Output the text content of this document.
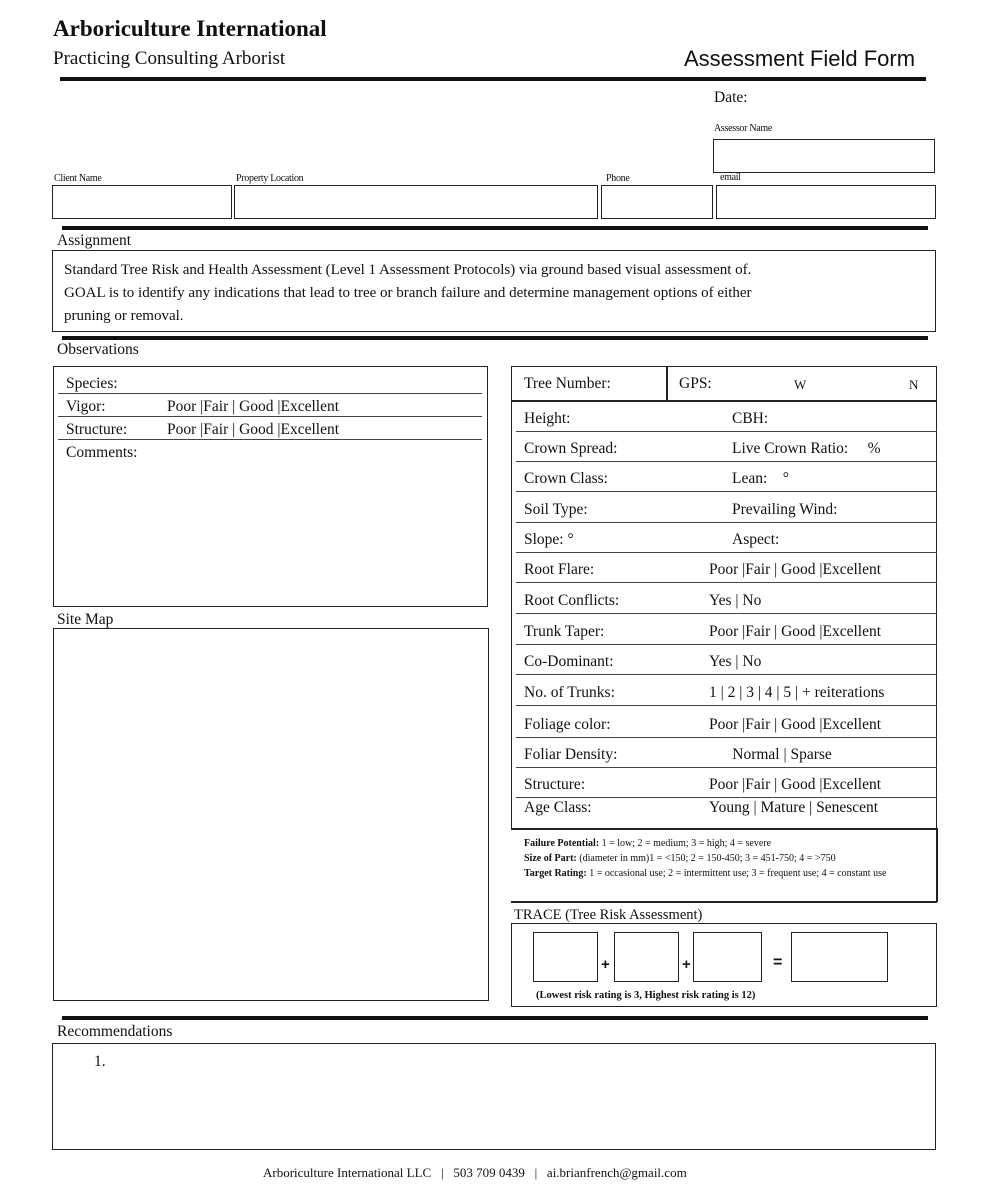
Arboriculture International
Practicing Consulting Arborist	Assessment Field Form
Date:
Assessor Name
Client Name	Property Location	Phone	email
Assignment
Standard Tree Risk and Health Assessment (Level 1 Assessment Protocols) via ground based visual assessment of.
GOAL is to identify any indications that lead to tree or branch failure and determine management options of either
pruning or removal.
Observations
Species:
Vigor:	Poor |Fair | Good |Excellent
Structure:	Poor |Fair | Good |Excellent
Comments:
Site Map
Tree Number:	GPS:	W	N
Height:	CBH:
Crown Spread:	Live Crown Ratio:     %
Crown Class:	Lean:    °
Soil Type:	Prevailing Wind:
Slope: °	Aspect:
Root Flare:	Poor |Fair | Good |Excellent
Root Conflicts:	Yes | No
Trunk Taper:	Poor |Fair | Good |Excellent
Co-Dominant:	Yes | No
No. of Trunks:	1 | 2 | 3 | 4 | 5 | + reiterations
Foliage color:	Poor |Fair | Good |Excellent
Foliar Density:	Normal | Sparse
Structure:	Poor |Fair | Good |Excellent
Age Class:	Young | Mature | Senescent
Failure Potential: 1 = low; 2 = medium; 3 = high; 4 = severe
Size of Part: (diameter in mm)1 = <150; 2 = 150-450; 3 = 451-750; 4 = >750
Target Rating: 1 = occasional use; 2 = intermittent use; 3 = frequent use; 4 = constant use
TRACE (Tree Risk Assessment)
+	+	=
(Lowest risk rating is 3, Highest risk rating is 12)
Recommendations
1.
Arboriculture International LLC   |   503 709 0439   |   ai.brianfrench@gmail.com
